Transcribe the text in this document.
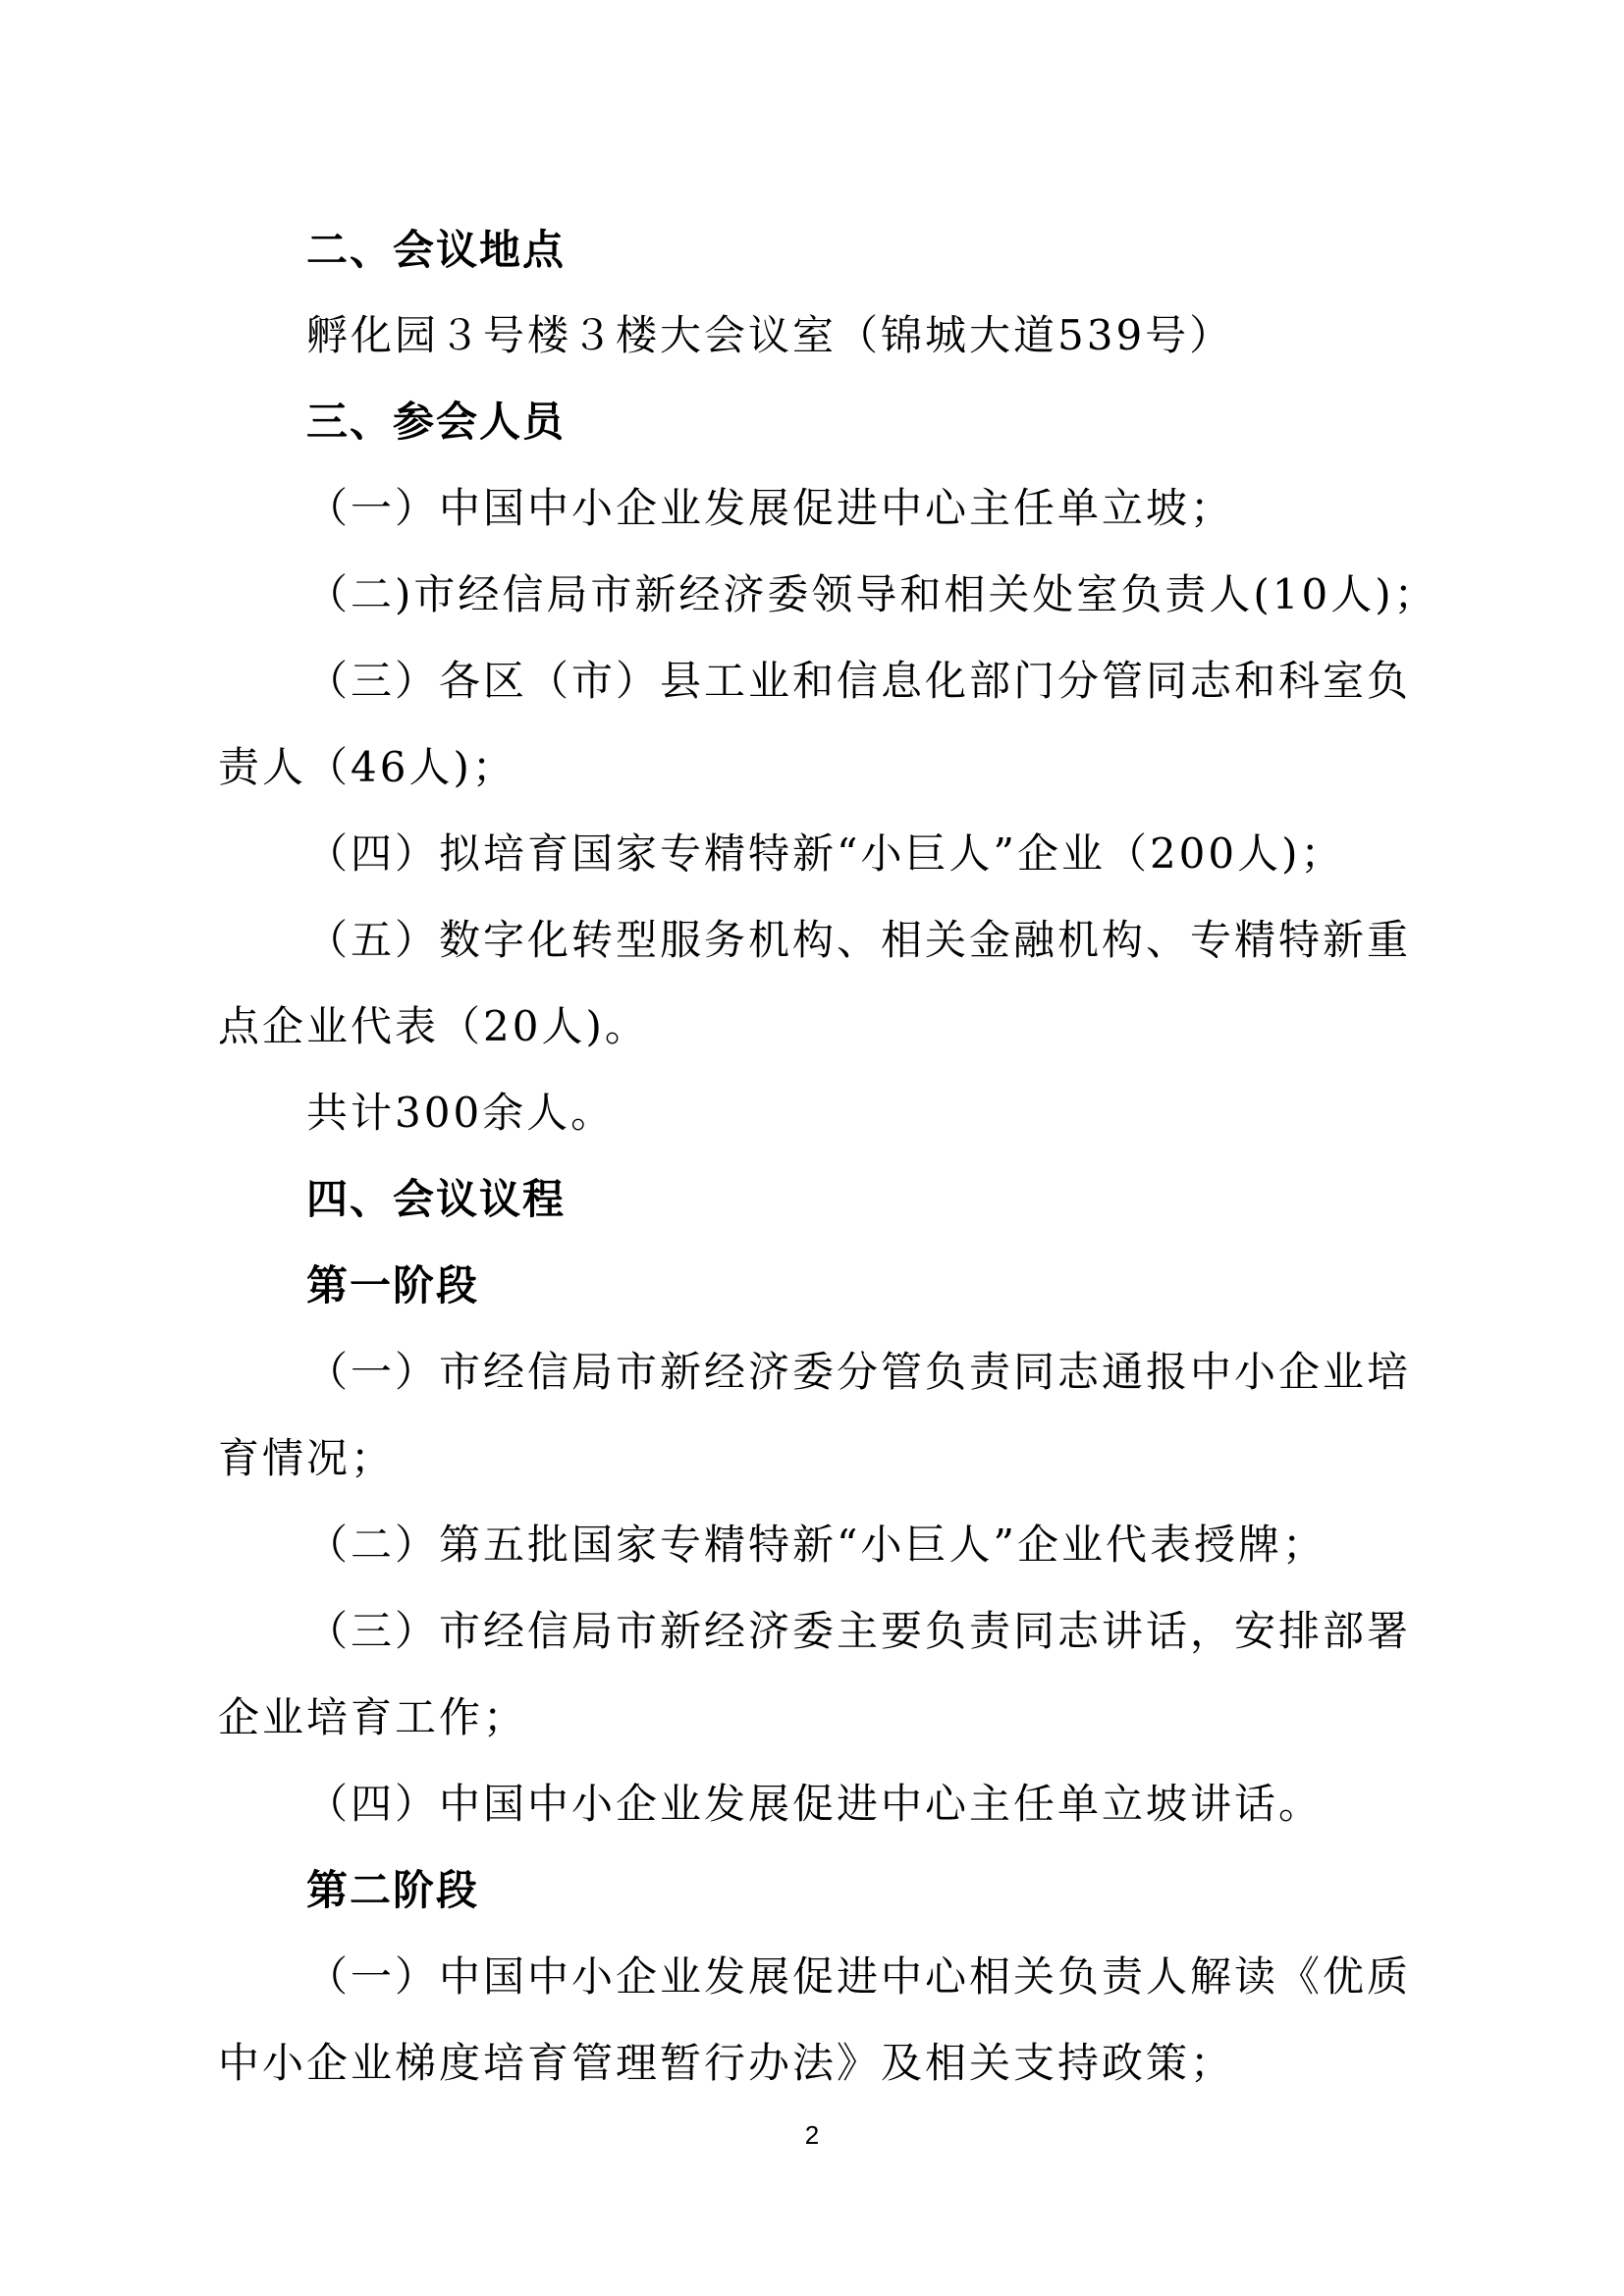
二、会议地点
孵化园３号楼３楼大会议室（锦城大道539号）
三、参会人员
（一）中国中小企业发展促进中心主任单立坡；
（二)市经信局市新经济委领导和相关处室负责人(10人)；
（三）各区（市）县工业和信息化部门分管同志和科室负
责人（46人)；
（四）拟培育国家专精特新“小巨人”企业（200人)；
（五）数字化转型服务机构、相关金融机构、专精特新重
点企业代表（20人)。
共计300余人。
四、会议议程
第一阶段
（一）市经信局市新经济委分管负责同志通报中小企业培
育情况；
（二）第五批国家专精特新“小巨人”企业代表授牌；
（三）市经信局市新经济委主要负责同志讲话，安排部署
企业培育工作；
（四）中国中小企业发展促进中心主任单立坡讲话。
第二阶段
（一）中国中小企业发展促进中心相关负责人解读《优质
中小企业梯度培育管理暂行办法》及相关支持政策；
2
